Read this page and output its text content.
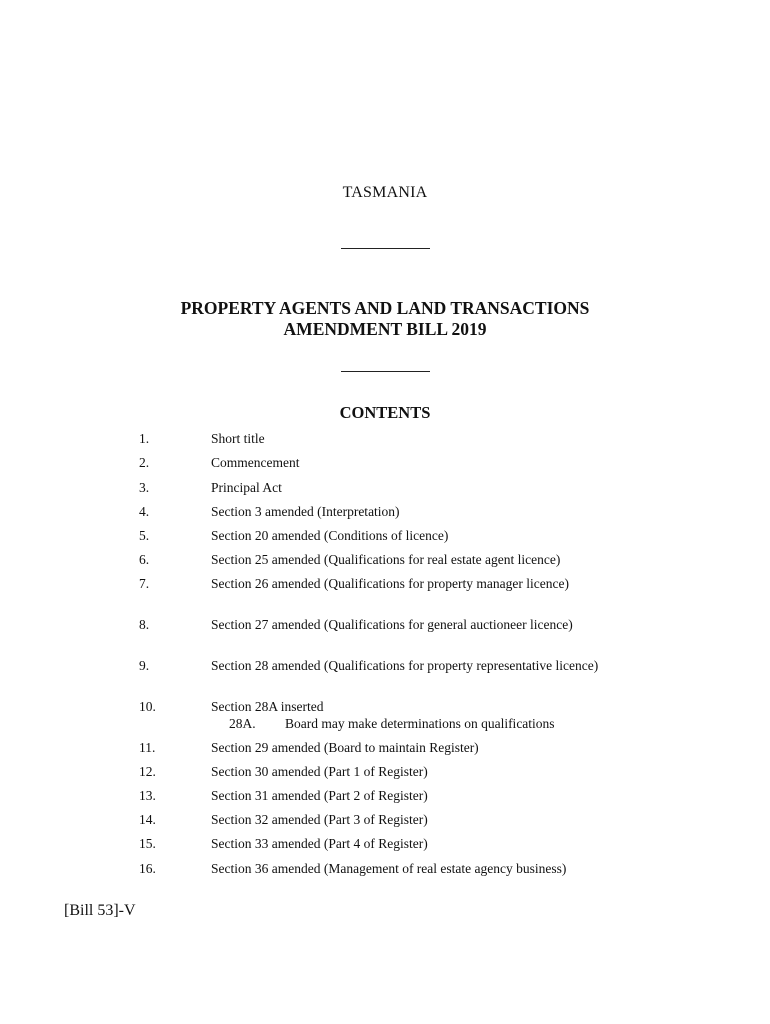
TASMANIA
PROPERTY AGENTS AND LAND TRANSACTIONS
AMENDMENT BILL 2019
CONTENTS
1.	Short title
2.	Commencement
3.	Principal Act
4.	Section 3 amended (Interpretation)
5.	Section 20 amended (Conditions of licence)
6.	Section 25 amended (Qualifications for real estate agent licence)
7.	Section 26 amended (Qualifications for property manager licence)
8.	Section 27 amended (Qualifications for general auctioneer licence)
9.	Section 28 amended (Qualifications for property representative licence)
10.	Section 28A inserted
28A. Board may make determinations on qualifications
11.	Section 29 amended (Board to maintain Register)
12.	Section 30 amended (Part 1 of Register)
13.	Section 31 amended (Part 2 of Register)
14.	Section 32 amended (Part 3 of Register)
15.	Section 33 amended (Part 4 of Register)
16.	Section 36 amended (Management of real estate agency business)
[Bill 53]-V
